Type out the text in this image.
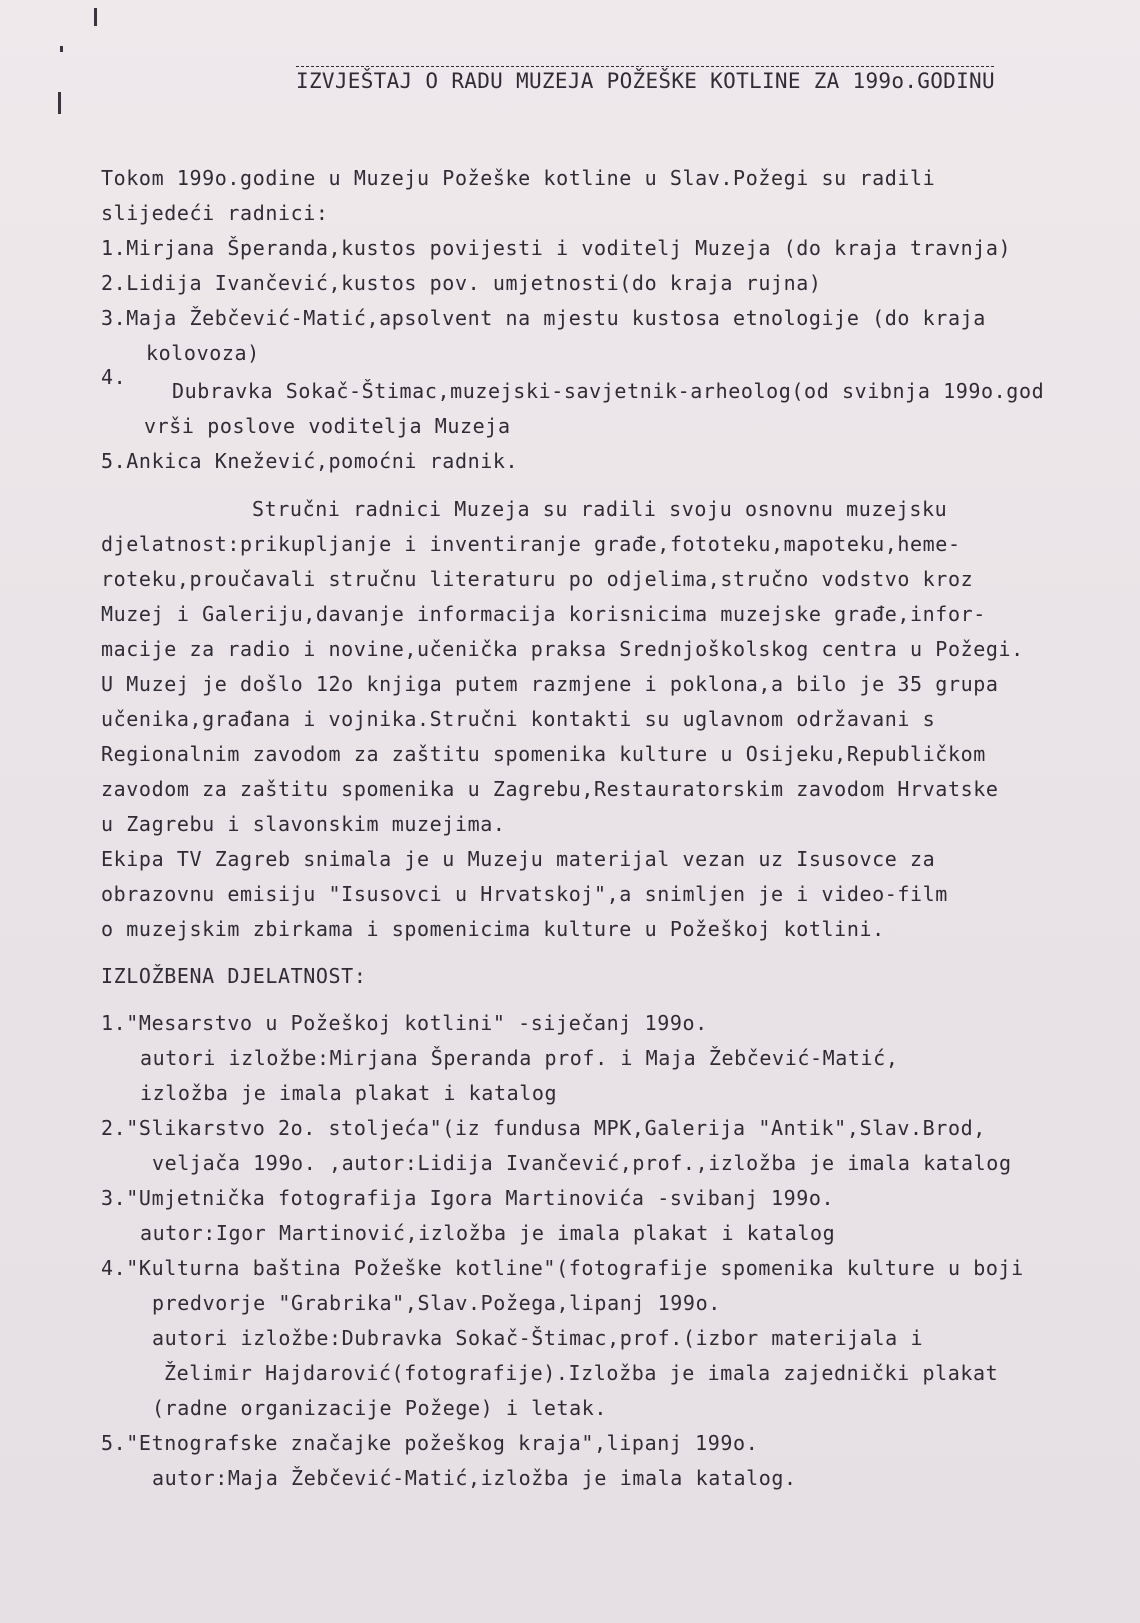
IZVJEŠTAJ O RADU MUZEJA POŽEŠKE KOTLINE ZA 199o.GODINU
Tokom 199o.godine u Muzeju Požeške kotline u Slav.Požegi su radili
slijedeći radnici:
1.Mirjana Šperanda,kustos povijesti i voditelj Muzeja (do kraja travnja)
2.Lidija Ivančević,kustos pov. umjetnosti(do kraja rujna)
3.Maja Žebčević-Matić,apsolvent na mjestu kustosa etnologije (do kraja
kolovoza)
4.
Dubravka Sokač-Štimac,muzejski-savjetnik-arheolog(od svibnja 199o.god
vrši poslove voditelja Muzeja
5.Ankica Knežević,pomoćni radnik.
Stručni radnici Muzeja su radili svoju osnovnu muzejsku
djelatnost:prikupljanje i inventiranje građe,fototeku,mapoteku,heme-
roteku,proučavali stručnu literaturu po odjelima,stručno vodstvo kroz
Muzej i Galeriju,davanje informacija korisnicima muzejske građe,infor-
macije za radio i novine,učenička praksa Srednjoškolskog centra u Požegi.
U Muzej je došlo 12o knjiga putem razmjene i poklona,a bilo je 35 grupa
učenika,građana i vojnika.Stručni kontakti su uglavnom održavani s
Regionalnim zavodom za zaštitu spomenika kulture u Osijeku,Republičkom
zavodom za zaštitu spomenika u Zagrebu,Restauratorskim zavodom Hrvatske
u Zagrebu i slavonskim muzejima.
Ekipa TV Zagreb snimala je u Muzeju materijal vezan uz Isusovce za
obrazovnu emisiju "Isusovci u Hrvatskoj",a snimljen je i video-film
o muzejskim zbirkama i spomenicima kulture u Požeškoj kotlini.
IZLOŽBENA DJELATNOST:
1."Mesarstvo u Požeškoj kotlini" -siječanj 199o.
autori izložbe:Mirjana Šperanda prof. i Maja Žebčević-Matić,
izložba je imala plakat i katalog
2."Slikarstvo 2o. stoljeća"(iz fundusa MPK,Galerija "Antik",Slav.Brod,
veljača 199o. ,autor:Lidija Ivančević,prof.,izložba je imala katalog
3."Umjetnička fotografija Igora Martinovića -svibanj 199o.
autor:Igor Martinović,izložba je imala plakat i katalog
4."Kulturna baština Požeške kotline"(fotografije spomenika kulture u boji
predvorje "Grabrika",Slav.Požega,lipanj 199o.
autori izložbe:Dubravka Sokač-Štimac,prof.(izbor materijala i
Želimir Hajdarović(fotografije).Izložba je imala zajednički plakat
(radne organizacije Požege) i letak.
5."Etnografske značajke požeškog kraja",lipanj 199o.
autor:Maja Žebčević-Matić,izložba je imala katalog.
